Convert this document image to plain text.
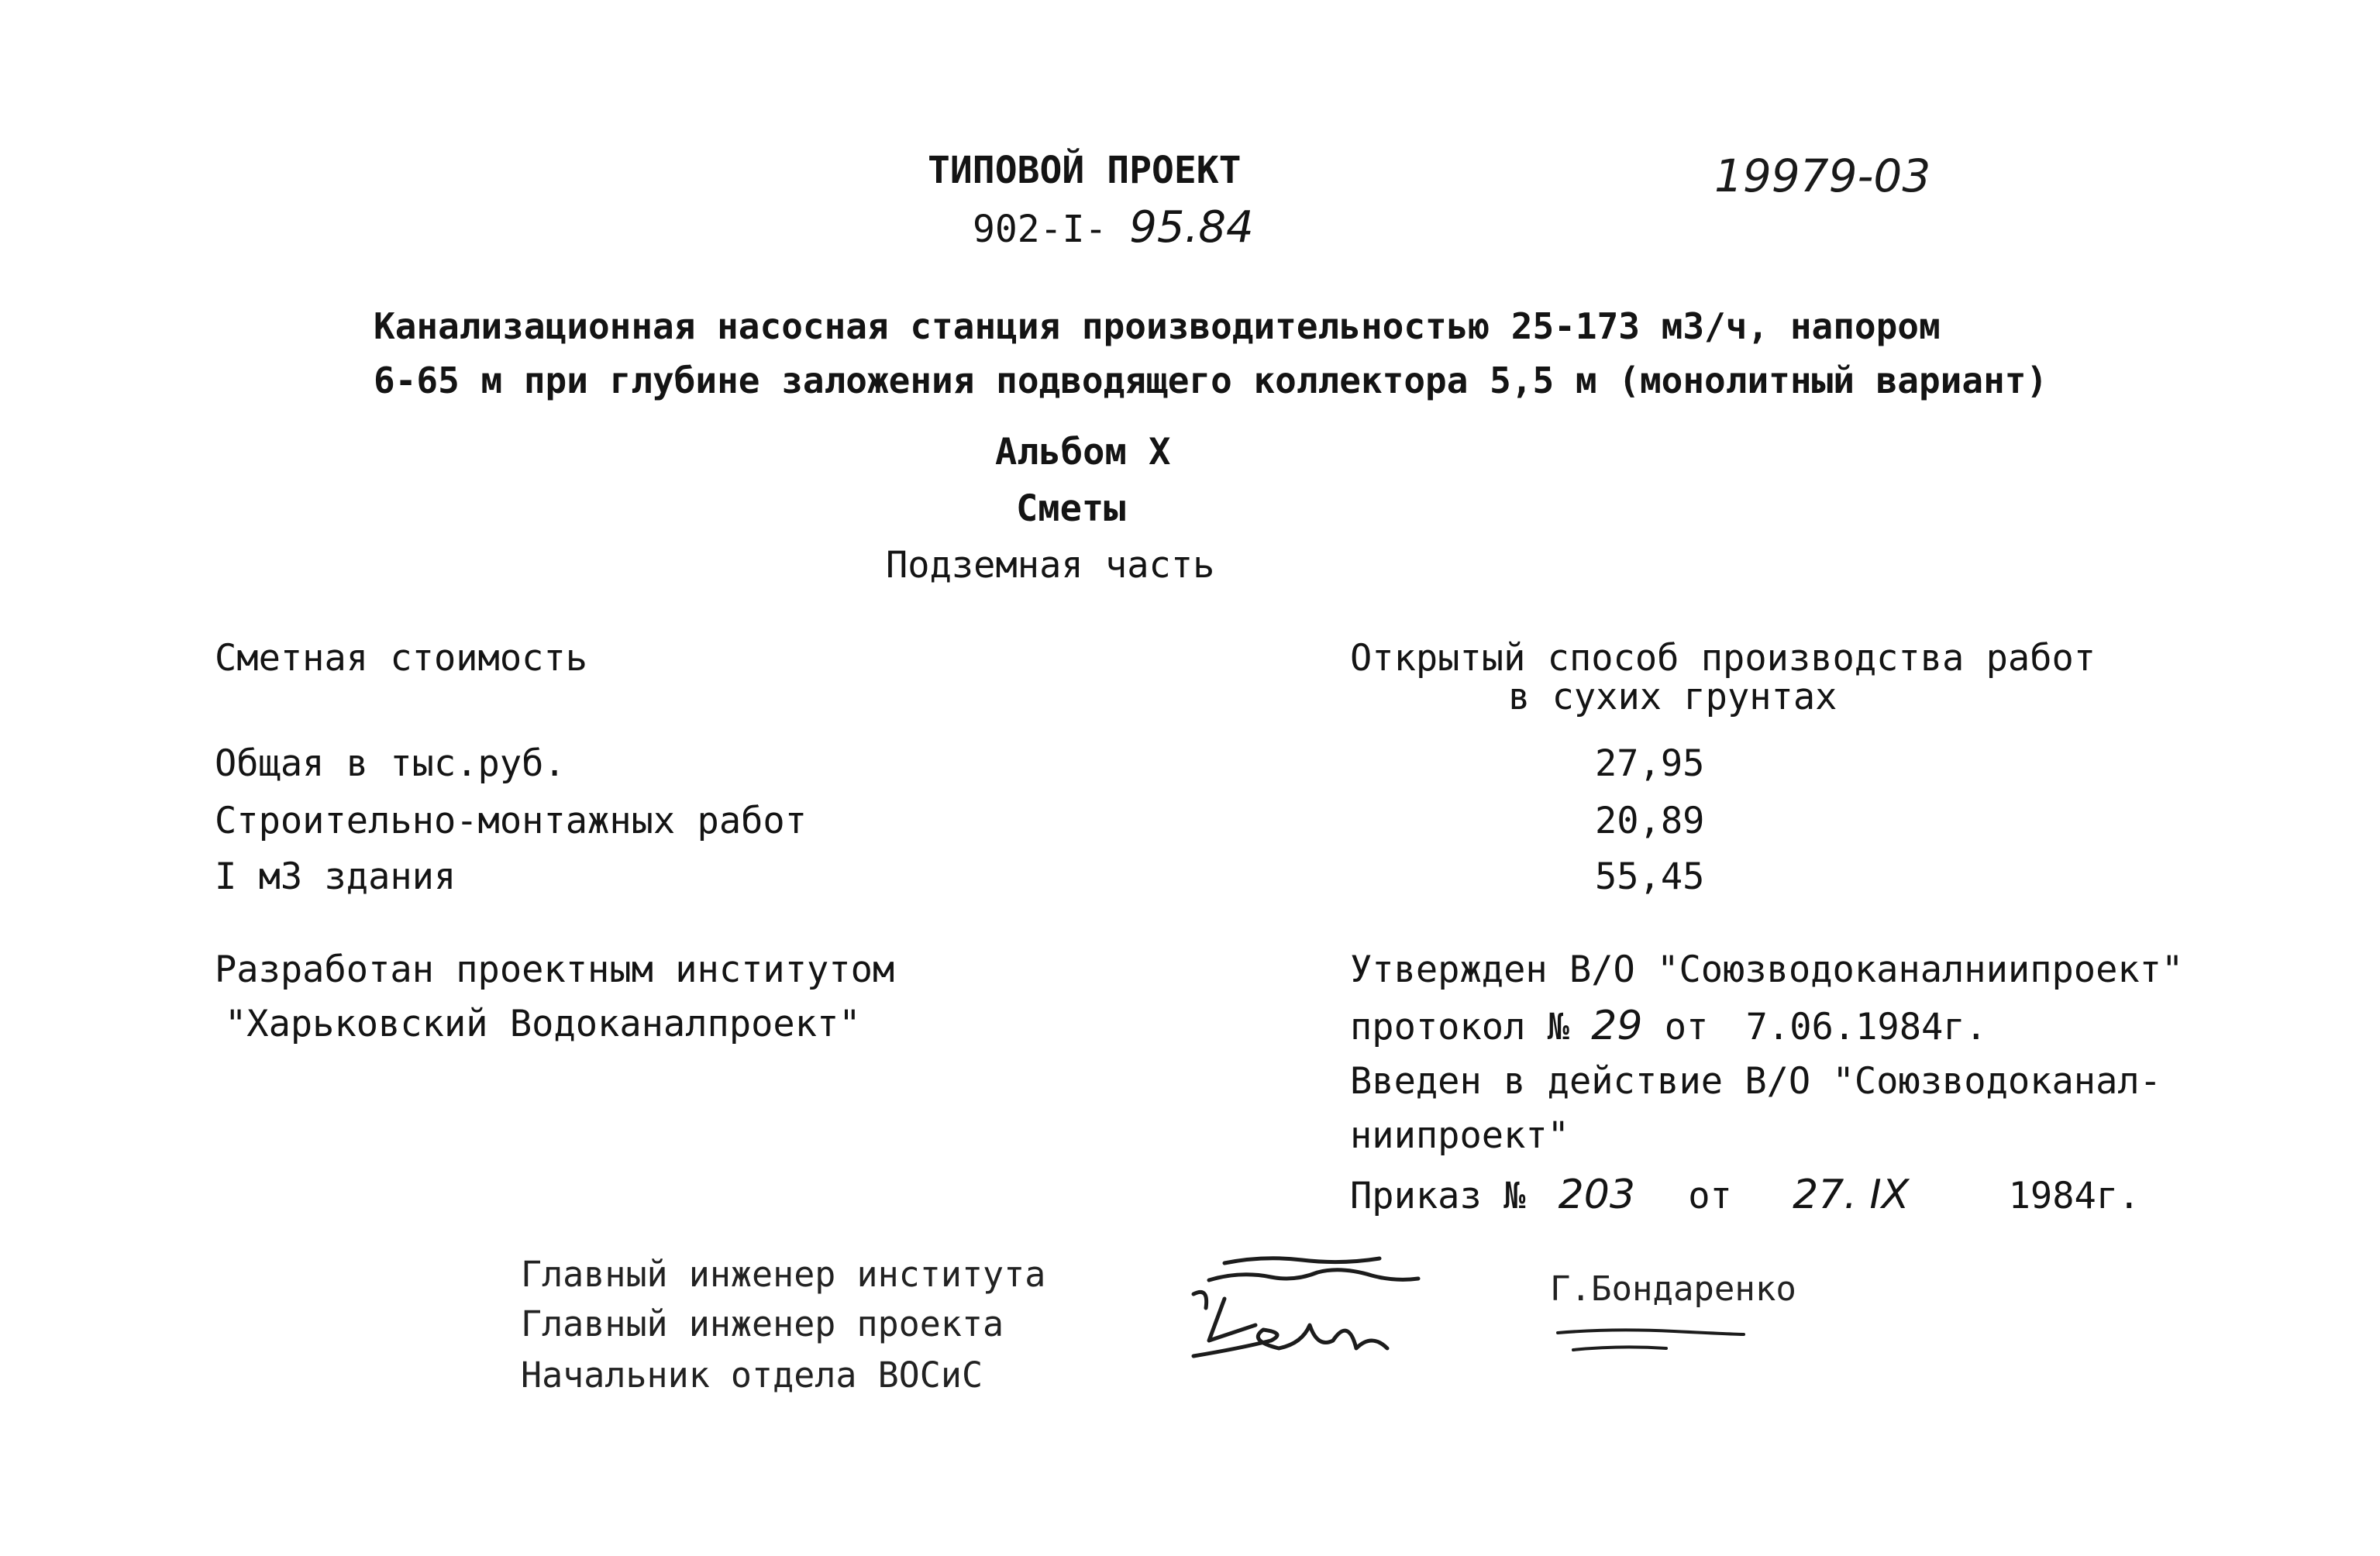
ТИПОВОЙ ПРОЕКТ
902-I- 95.84
19979-03
Канализационная насосная станция производительностью 25-173 м3/ч, напором
6-65 м при глубине заложения подводящего коллектора 5,5 м (монолитный вариант)
Альбом X
Сметы
Подземная часть
Сметная стоимость	Открытый способ производства работ
в сухих грунтах
Общая в тыс.руб.	27,95
Строительно-монтажных работ	20,89
I м3 здания	55,45
Разработан проектным институтом
"Харьковский Водоканалпроект"
Утвержден В/О "Союзводоканалниипроект"
протокол № 29 от 7.06.1984г.
Введен в действие В/О "Союзводоканал-
ниипроект"
Приказ № 203 от 27. IX	1984г.
Главный инженер института
Главный инженер проекта
Начальник отдела ВОСиС
Г.Бондаренко
